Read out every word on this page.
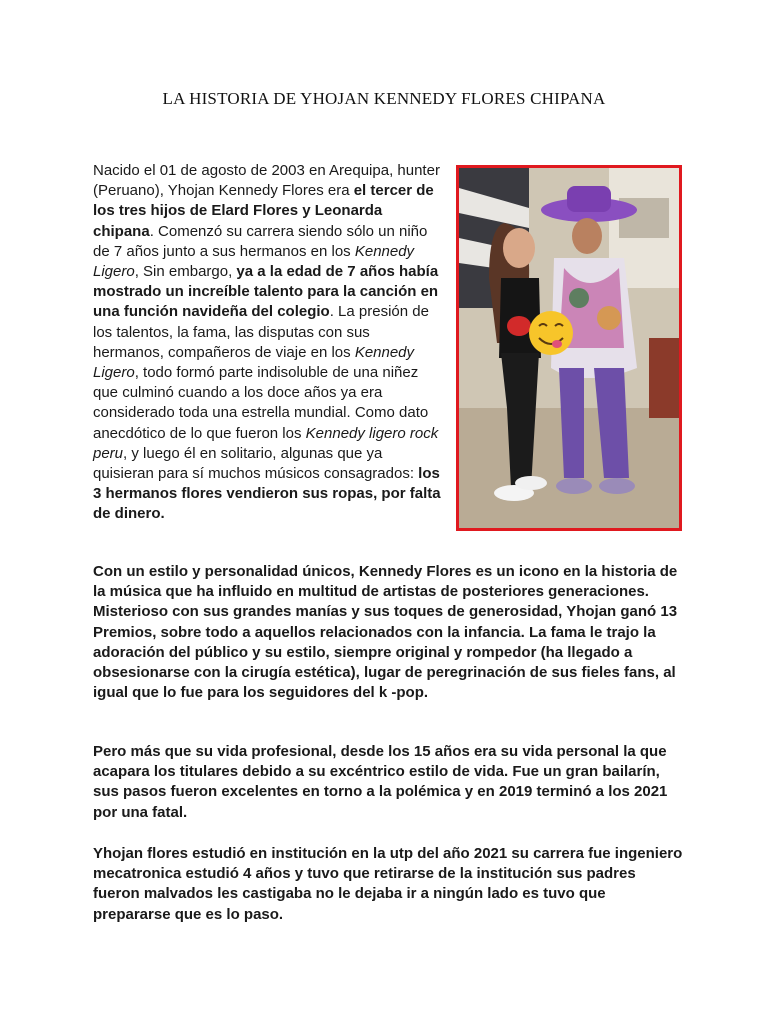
LA HISTORIA DE YHOJAN KENNEDY FLORES CHIPANA
Nacido el 01 de agosto de 2003 en Arequipa, hunter (Peruano), Yhojan Kennedy Flores era el tercer de los tres hijos de Elard Flores y Leonarda chipana. Comenzó su carrera siendo sólo un niño de 7 años junto a sus hermanos en los Kennedy Ligero, Sin embargo, ya a la edad de 7 años había mostrado un increíble talento para la canción en una función navideña del colegio. La presión de los talentos, la fama, las disputas con sus hermanos, compañeros de viaje en los Kennedy Ligero, todo formó parte indisoluble de una niñez que culminó cuando a los doce años ya era considerado toda una estrella mundial. Como dato anecdótico de lo que fueron los Kennedy ligero rock peru, y luego él en solitario, algunas que ya quisieran para sí muchos músicos consagrados: los 3 hermanos flores vendieron sus ropas, por falta de dinero.
Con un estilo y personalidad únicos, Kennedy Flores es un icono en la historia de la música que ha influido en multitud de artistas de posteriores generaciones. Misterioso con sus grandes manías y sus toques de generosidad, Yhojan ganó 13 Premios, sobre todo a aquellos relacionados con la infancia. La fama le trajo la adoración del público y su estilo, siempre original y rompedor (ha llegado a obsesionarse con la cirugía estética), lugar de peregrinación de sus fieles fans, al igual que lo fue para los seguidores del k -pop.
Pero más que su vida profesional, desde los 15 años era su vida personal la que acapara los titulares debido a su excéntrico estilo de vida. Fue un gran bailarín, sus pasos fueron excelentes en torno a la polémica y en 2019 terminó a los 2021 por una fatal.
Yhojan flores estudió en institución en la utp del año 2021 su carrera fue ingeniero mecatronica estudió 4 años y tuvo que retirarse de la institución sus padres fueron malvados les castigaba no le dejaba ir a ningún lado es tuvo que prepararse que es lo paso.
